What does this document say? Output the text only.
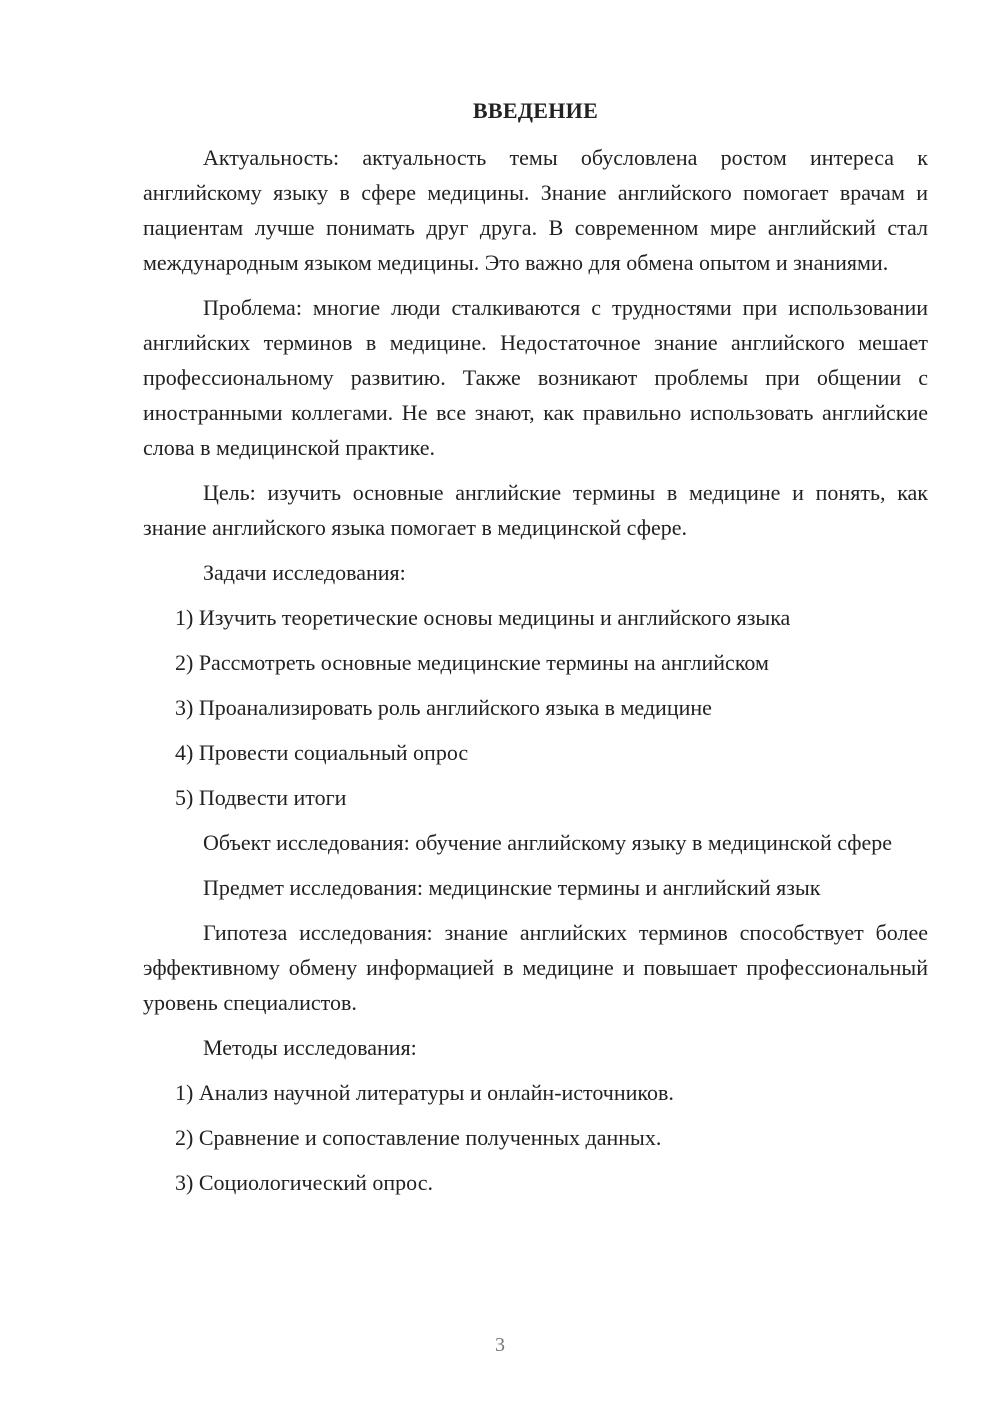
ВВЕДЕНИЕ

Актуальность: актуальность темы обусловлена ростом интереса к английскому языку в сфере медицины. Знание английского помогает врачам и пациентам лучше понимать друг друга. В современном мире английский стал международным языком медицины. Это важно для обмена опытом и знаниями.

Проблема: многие люди сталкиваются с трудностями при использовании английских терминов в медицине. Недостаточное знание английского мешает профессиональному развитию. Также возникают проблемы при общении с иностранными коллегами. Не все знают, как правильно использовать английские слова в медицинской практике.

Цель: изучить основные английские термины в медицине и понять, как знание английского языка помогает в медицинской сфере.

Задачи исследования:

1) Изучить теоретические основы медицины и английского языка

2) Рассмотреть основные медицинские термины на английском

3) Проанализировать роль английского языка в медицине

4) Провести социальный опрос

5) Подвести итоги

Объект исследования: обучение английскому языку в медицинской сфере

Предмет исследования: медицинские термины и английский язык

Гипотеза исследования: знание английских терминов способствует более эффективному обмену информацией в медицине и повышает профессиональный уровень специалистов.

Методы исследования:

1) Анализ научной литературы и онлайн-источников.

2) Сравнение и сопоставление полученных данных.

3) Социологический опрос.

3
